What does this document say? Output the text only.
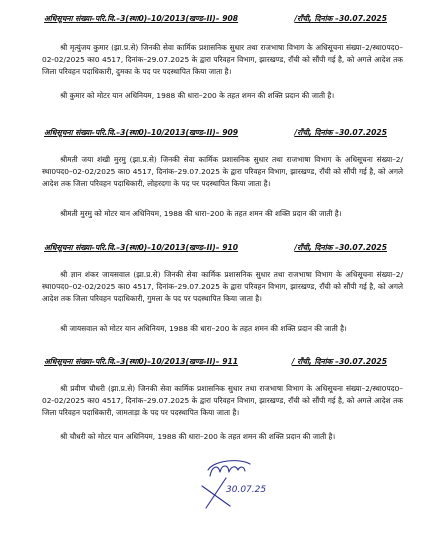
अधिसूचना संख्या–परि.वि.–3(स्था0)–10/2013(खण्ड–II)– 908	/राँची, दिनांक –30.07.2025

श्री मृत्युंजय कुमार (झा.प्र.से) जिनकी सेवा कार्मिक प्रशासनिक सुधार तथा राजभाषा विभाग के अधिसूचना संख्या–2/स्था0पद0–02-02/2025 का0 4517, दिनांक–29.07.2025 के द्वारा परिवहन विभाग, झारखण्ड, राँची को सौंपी गई है, को अगले आदेश तक जिला परिवहन पदाधिकारी, दुमका के पद पर पदस्थापित किया जाता है।

श्री कुमार को मोटर यान अधिनियम, 1988 की धारा–200 के तहत शमन की शक्ति प्रदान की जाती है।

अधिसूचना संख्या–परि.वि.–3(स्था0)–10/2013(खण्ड–II)– 909	/राँची, दिनांक –30.07.2025

श्रीमती जया शंखी मुरमु (झा.प्र.से) जिनकी सेवा कार्मिक प्रशासनिक सुधार तथा राजभाषा विभाग के अधिसूचना संख्या–2/स्था0पद0–02-02/2025 का0 4517, दिनांक–29.07.2025 के द्वारा परिवहन विभाग, झारखण्ड, राँची को सौंपी गई है, को अगले आदेश तक जिला परिवहन पदाधिकारी, लोहरदगा के पद पर पदस्थापित किया जाता है।

श्रीमती मुरमु को मोटर यान अधिनियम, 1988 की धारा–200 के तहत शमन की शक्ति प्रदान की जाती है।

अधिसूचना संख्या–परि.वि.–3(स्था0)–10/2013(खण्ड–II)– 910	/राँची, दिनांक –30.07.2025

श्री ज्ञान शंकर जायसवाल (झा.प्र.से) जिनकी सेवा कार्मिक प्रशासनिक सुधार तथा राजभाषा विभाग के अधिसूचना संख्या–2/स्था0पद0–02-02/2025 का0 4517, दिनांक–29.07.2025 के द्वारा परिवहन विभाग, झारखण्ड, राँची को सौंपी गई है, को अगले आदेश तक जिला परिवहन पदाधिकारी, गुमला के पद पर पदस्थापित किया जाता है।

श्री जायसवाल को मोटर यान अधिनियम, 1988 की धारा–200 के तहत शमन की शक्ति प्रदान की जाती है।

अधिसूचना संख्या–परि.वि.–3(स्था0)–10/2013(खण्ड–II)– 911	/ राँची, दिनांक –30.07.2025

श्री प्रवीण चौधरी (झा.प्र.से) जिनकी सेवा कार्मिक प्रशासनिक सुधार तथा राजभाषा विभाग के अधिसूचना संख्या–2/स्था0पद0–02-02/2025 का0 4517, दिनांक–29.07.2025 के द्वारा परिवहन विभाग, झारखण्ड, राँची को सौंपी गई है, को अगले आदेश तक जिला परिवहन पदाधिकारी, जामताड़ा के पद पर पदस्थापित किया जाता है।

श्री चौधरी को मोटर यान अधिनियम, 1988 की धारा–200 के तहत शमन की शक्ति प्रदान की जाती है।

30.07.25
